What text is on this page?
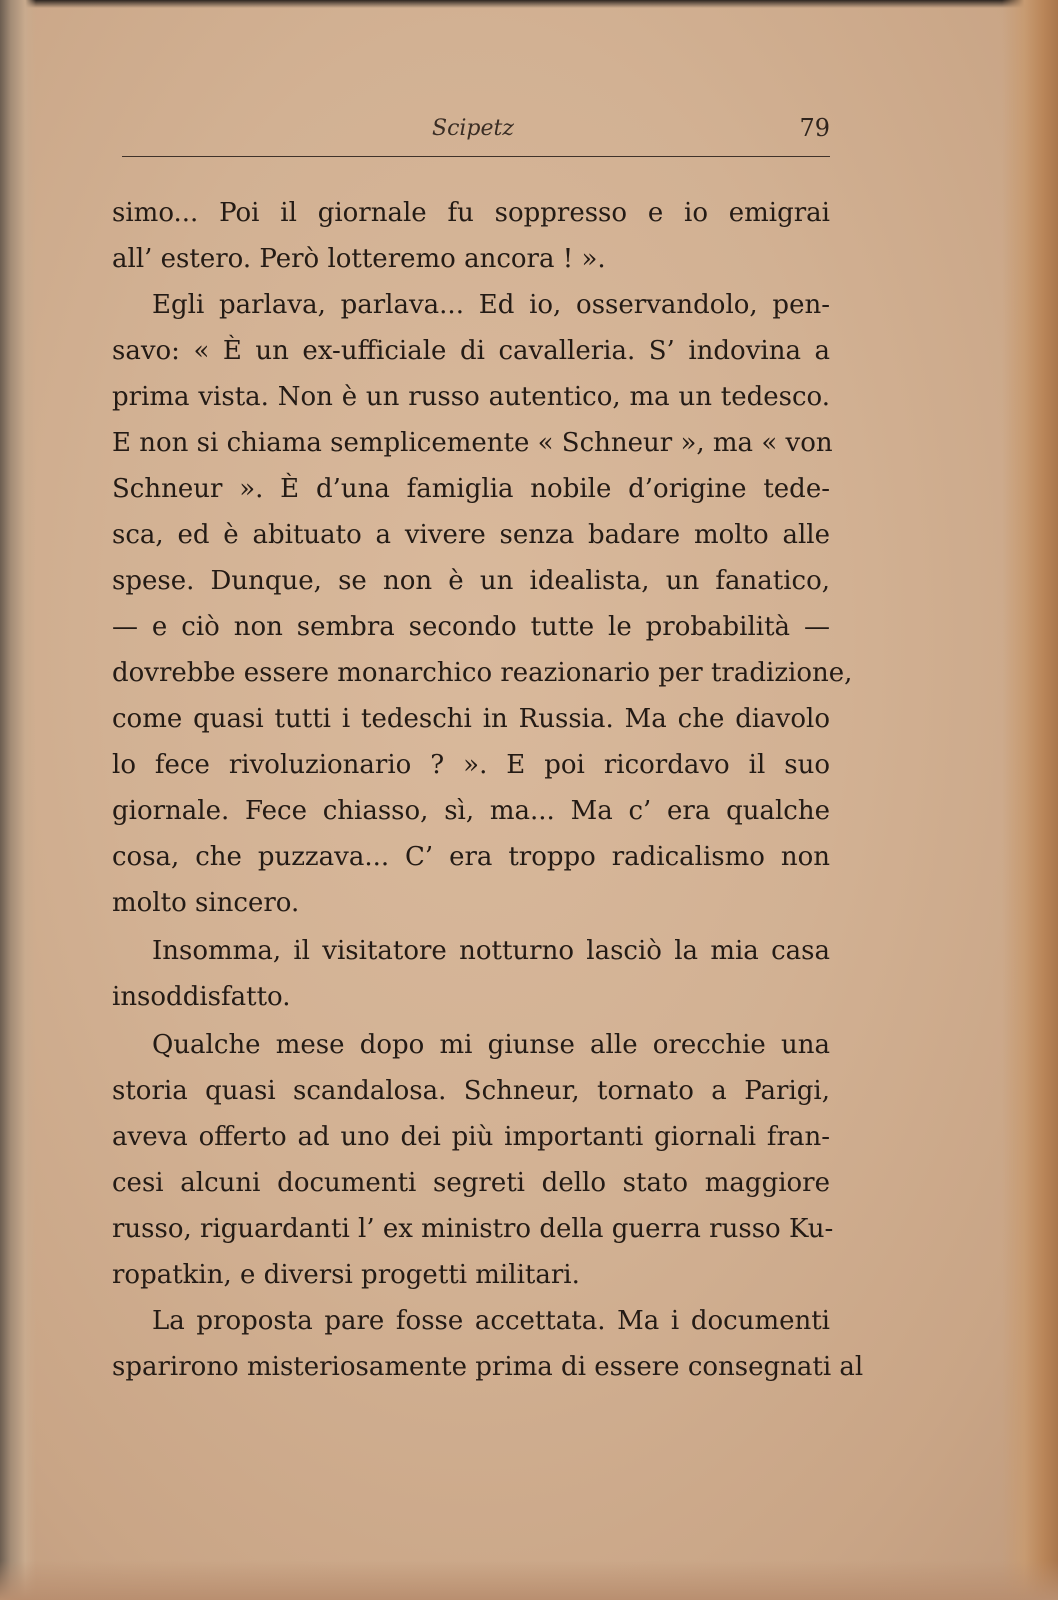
Scipetz	79
simo... Poi il giornale fu soppresso e io emigrai
all’ estero. Però lotteremo ancora ! ».
Egli parlava, parlava... Ed io, osservandolo, pen-
savo: « È un ex-ufficiale di cavalleria. S’ indovina a
prima vista. Non è un russo autentico, ma un tedesco.
E non si chiama semplicemente « Schneur », ma « von
Schneur ». È d’una famiglia nobile d’origine tede-
sca, ed è abituato a vivere senza badare molto alle
spese. Dunque, se non è un idealista, un fanatico,
— e ciò non sembra secondo tutte le probabilità —
dovrebbe essere monarchico reazionario per tradizione,
come quasi tutti i tedeschi in Russia. Ma che diavolo
lo fece rivoluzionario ? ». E poi ricordavo il suo
giornale. Fece chiasso, sì, ma... Ma c’ era qualche
cosa, che puzzava... C’ era troppo radicalismo non
molto sincero.
Insomma, il visitatore notturno lasciò la mia casa
insoddisfatto.
Qualche mese dopo mi giunse alle orecchie una
storia quasi scandalosa. Schneur, tornato a Parigi,
aveva offerto ad uno dei più importanti giornali fran-
cesi alcuni documenti segreti dello stato maggiore
russo, riguardanti l’ ex ministro della guerra russo Ku-
ropatkin, e diversi progetti militari.
La proposta pare fosse accettata. Ma i documenti
sparirono misteriosamente prima di essere consegnati al
